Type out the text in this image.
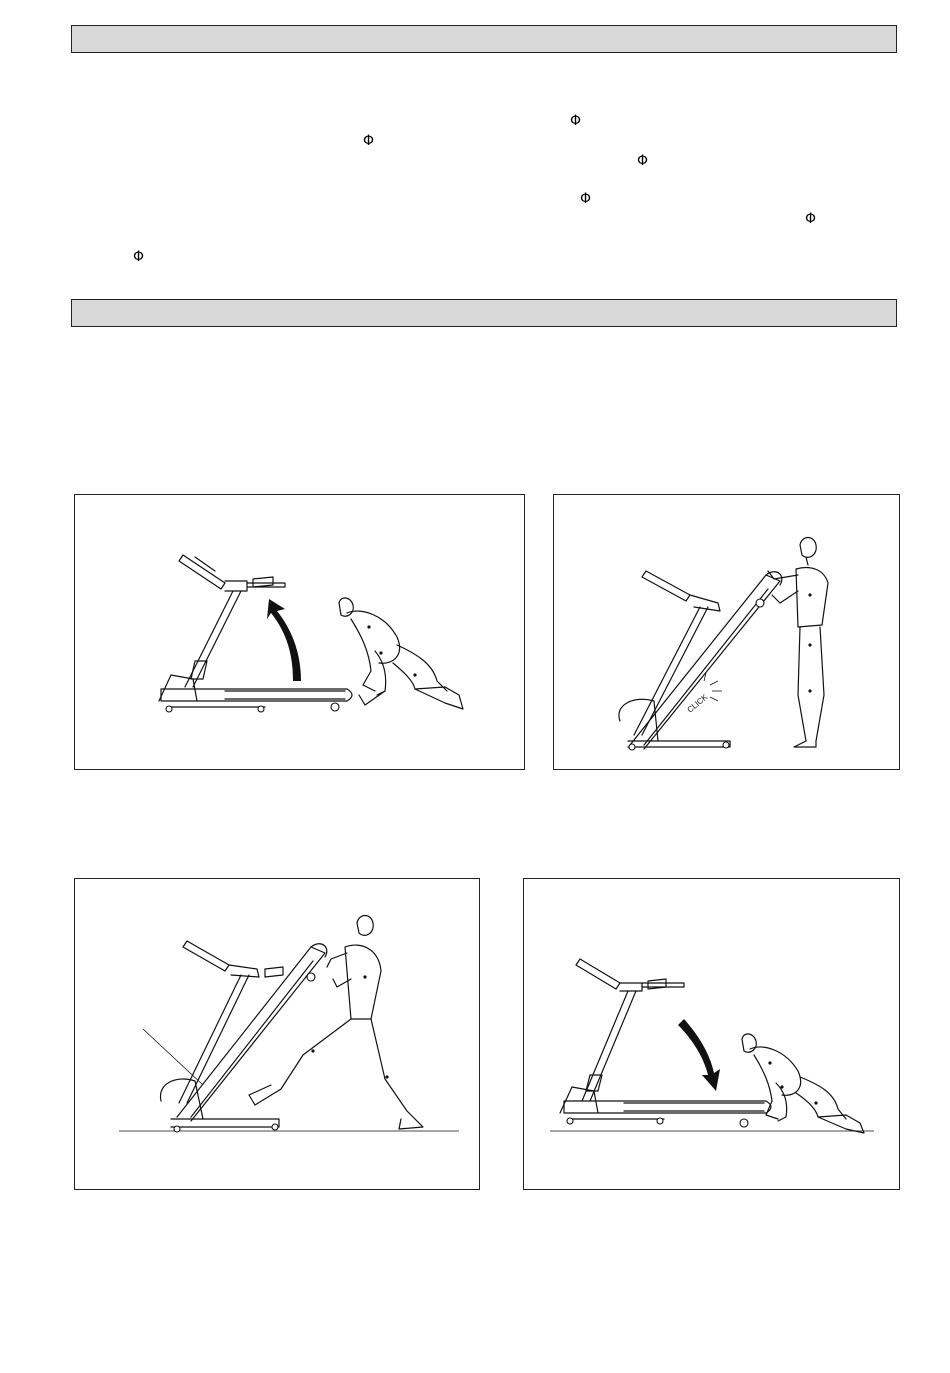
Φ
Φ
Φ
Φ
Φ
Φ
CLICK
